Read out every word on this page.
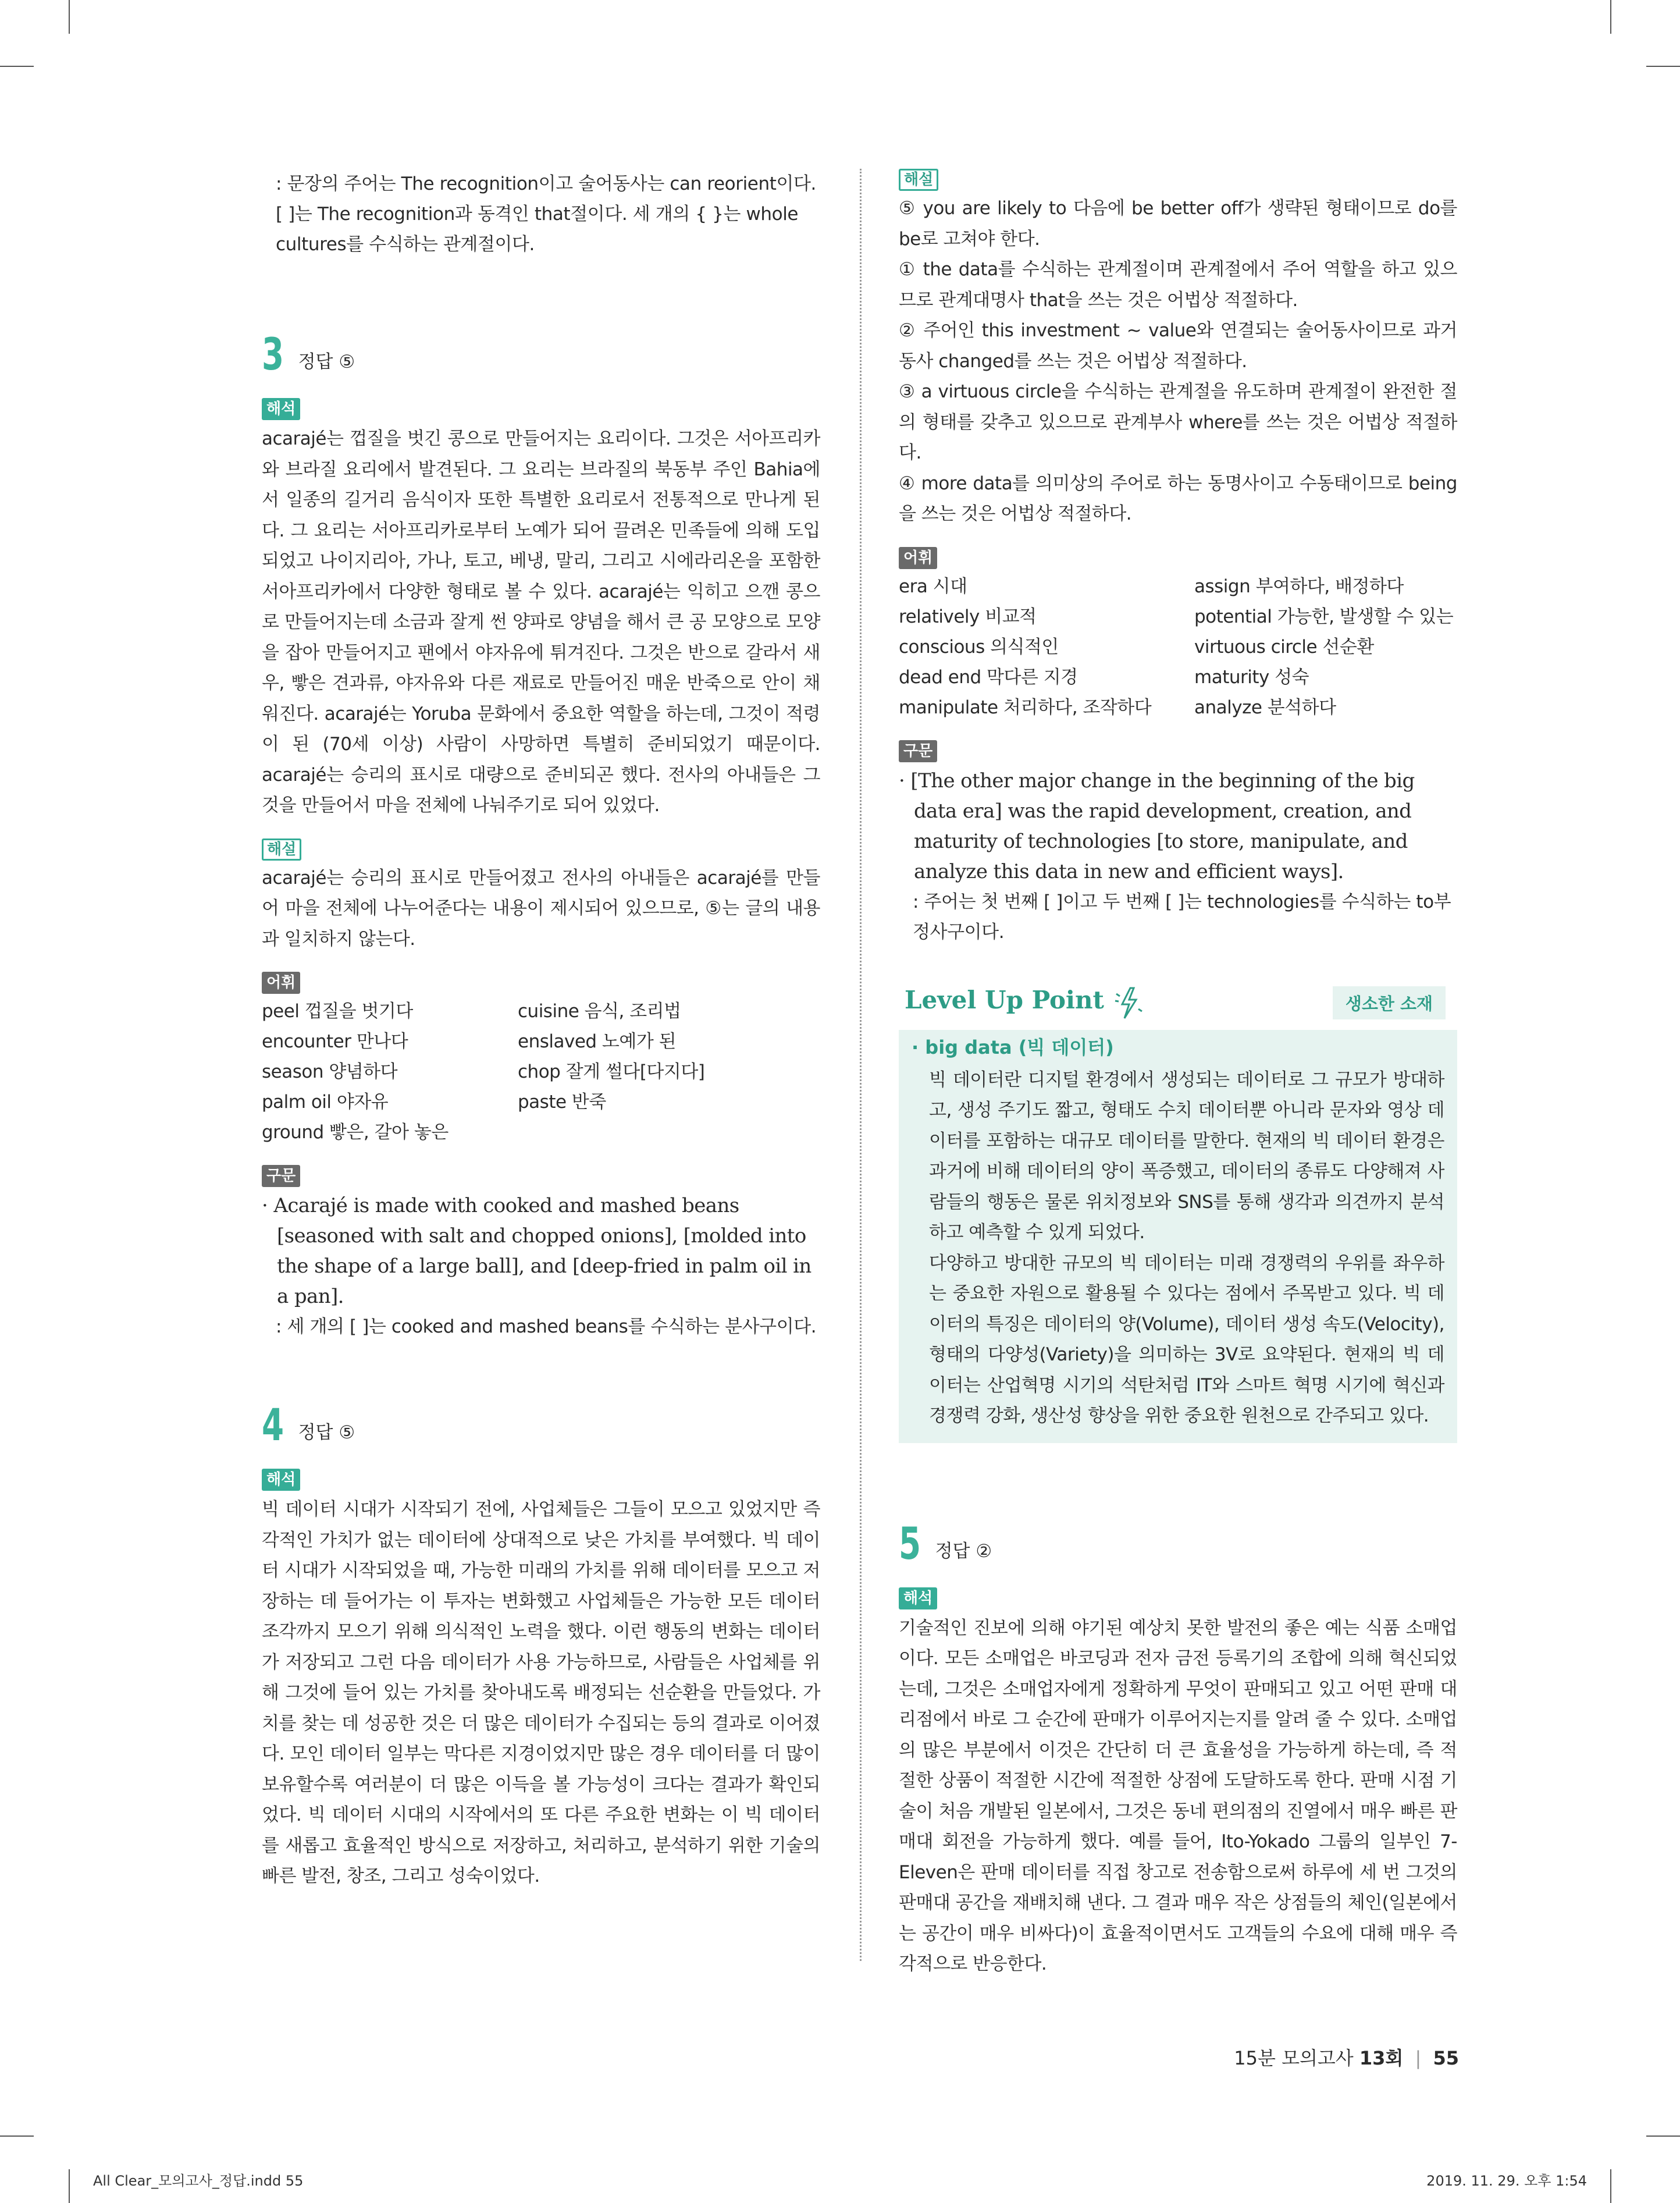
: 문장의 주어는 The recognition이고 술어동사는 can reorient이다. [ ]는 The recognition과 동격인 that절이다. 세 개의 { }는 whole cultures를 수식하는 관계절이다.

3 정답 ⑤
해석

acarajé는 껍질을 벗긴 콩으로 만들어지는 요리이다. 그것은 서아프리카와 브라질 요리에서 발견된다. 그 요리는 브라질의 북동부 주인 Bahia에서 일종의 길거리 음식이자 또한 특별한 요리로서 전통적으로 만나게 된다. 그 요리는 서아프리카로부터 노예가 되어 끌려온 민족들에 의해 도입되었고 나이지리아, 가나, 토고, 베냉, 말리, 그리고 시에라리온을 포함한 서아프리카에서 다양한 형태로 볼 수 있다. acarajé는 익히고 으깬 콩으로 만들어지는데 소금과 잘게 썬 양파로 양념을 해서 큰 공 모양으로 모양을 잡아 만들어지고 팬에서 야자유에 튀겨진다. 그것은 반으로 갈라서 새우, 빻은 견과류, 야자유와 다른 재료로 만들어진 매운 반죽으로 안이 채워진다. acarajé는 Yoruba 문화에서 중요한 역할을 하는데, 그것이 적령이 된 (70세 이상) 사람이 사망하면 특별히 준비되었기 때문이다. acarajé는 승리의 표시로 대량으로 준비되곤 했다. 전사의 아내들은 그것을 만들어서 마을 전체에 나눠주기로 되어 있었다.

해설

acarajé는 승리의 표시로 만들어졌고 전사의 아내들은 acarajé를 만들어 마을 전체에 나누어준다는 내용이 제시되어 있으므로, ⑤는 글의 내용과 일치하지 않는다.

어휘
peel 껍질을 벗기다	cuisine 음식, 조리법
encounter 만나다	enslaved 노예가 된
season 양념하다	chop 잘게 썰다[다지다]
palm oil 야자유	paste 반죽
ground 빻은, 갈아 놓은
구문

· Acarajé is made with cooked and mashed beans [seasoned with salt and chopped onions], [molded into the shape of a large ball], and [deep-fried in palm oil in a pan].

: 세 개의 [ ]는 cooked and mashed beans를 수식하는 분사구이다.

4 정답 ⑤
해석

빅 데이터 시대가 시작되기 전에, 사업체들은 그들이 모으고 있었지만 즉각적인 가치가 없는 데이터에 상대적으로 낮은 가치를 부여했다. 빅 데이터 시대가 시작되었을 때, 가능한 미래의 가치를 위해 데이터를 모으고 저장하는 데 들어가는 이 투자는 변화했고 사업체들은 가능한 모든 데이터 조각까지 모으기 위해 의식적인 노력을 했다. 이런 행동의 변화는 데이터가 저장되고 그런 다음 데이터가 사용 가능하므로, 사람들은 사업체를 위해 그것에 들어 있는 가치를 찾아내도록 배정되는 선순환을 만들었다. 가치를 찾는 데 성공한 것은 더 많은 데이터가 수집되는 등의 결과로 이어졌다. 모인 데이터 일부는 막다른 지경이었지만 많은 경우 데이터를 더 많이 보유할수록 여러분이 더 많은 이득을 볼 가능성이 크다는 결과가 확인되었다. 빅 데이터 시대의 시작에서의 또 다른 주요한 변화는 이 빅 데이터를 새롭고 효율적인 방식으로 저장하고, 처리하고, 분석하기 위한 기술의 빠른 발전, 창조, 그리고 성숙이었다.

해설

⑤ you are likely to 다음에 be better off가 생략된 형태이므로 do를 be로 고쳐야 한다.

① the data를 수식하는 관계절이며 관계절에서 주어 역할을 하고 있으므로 관계대명사 that을 쓰는 것은 어법상 적절하다.

② 주어인 this investment ~ value와 연결되는 술어동사이므로 과거동사 changed를 쓰는 것은 어법상 적절하다.

③ a virtuous circle을 수식하는 관계절을 유도하며 관계절이 완전한 절의 형태를 갖추고 있으므로 관계부사 where를 쓰는 것은 어법상 적절하다.

④ more data를 의미상의 주어로 하는 동명사이고 수동태이므로 being을 쓰는 것은 어법상 적절하다.

어휘
era 시대	assign 부여하다, 배정하다
relatively 비교적	potential 가능한, 발생할 수 있는
conscious 의식적인	virtuous circle 선순환
dead end 막다른 지경	maturity 성숙
manipulate 처리하다, 조작하다	analyze 분석하다
구문

· [The other major change in the beginning of the big data era] was the rapid development, creation, and maturity of technologies [to store, manipulate, and analyze this data in new and efficient ways].

: 주어는 첫 번째 [ ]이고 두 번째 [ ]는 technologies를 수식하는 to부정사구이다.

Level Up Point	생소한 소재

· big data (빅 데이터)

빅 데이터란 디지털 환경에서 생성되는 데이터로 그 규모가 방대하고, 생성 주기도 짧고, 형태도 수치 데이터뿐 아니라 문자와 영상 데이터를 포함하는 대규모 데이터를 말한다. 현재의 빅 데이터 환경은 과거에 비해 데이터의 양이 폭증했고, 데이터의 종류도 다양해져 사람들의 행동은 물론 위치정보와 SNS를 통해 생각과 의견까지 분석하고 예측할 수 있게 되었다.

다양하고 방대한 규모의 빅 데이터는 미래 경쟁력의 우위를 좌우하는 중요한 자원으로 활용될 수 있다는 점에서 주목받고 있다. 빅 데이터의 특징은 데이터의 양(Volume), 데이터 생성 속도(Velocity), 형태의 다양성(Variety)을 의미하는 3V로 요약된다. 현재의 빅 데이터는 산업혁명 시기의 석탄처럼 IT와 스마트 혁명 시기에 혁신과 경쟁력 강화, 생산성 향상을 위한 중요한 원천으로 간주되고 있다.

5 정답 ②
해석

기술적인 진보에 의해 야기된 예상치 못한 발전의 좋은 예는 식품 소매업이다. 모든 소매업은 바코딩과 전자 금전 등록기의 조합에 의해 혁신되었는데, 그것은 소매업자에게 정확하게 무엇이 판매되고 있고 어떤 판매 대리점에서 바로 그 순간에 판매가 이루어지는지를 알려 줄 수 있다. 소매업의 많은 부분에서 이것은 간단히 더 큰 효율성을 가능하게 하는데, 즉 적절한 상품이 적절한 시간에 적절한 상점에 도달하도록 한다. 판매 시점 기술이 처음 개발된 일본에서, 그것은 동네 편의점의 진열에서 매우 빠른 판매대 회전을 가능하게 했다. 예를 들어, Ito-Yokado 그룹의 일부인 7-Eleven은 판매 데이터를 직접 창고로 전송함으로써 하루에 세 번 그것의 판매대 공간을 재배치해 낸다. 그 결과 매우 작은 상점들의 체인(일본에서는 공간이 매우 비싸다)이 효율적이면서도 고객들의 수요에 대해 매우 즉각적으로 반응한다.

15분 모의고사 13회 | 55
All Clear_모의고사_정답.indd 55	2019. 11. 29. 오후 1:54
